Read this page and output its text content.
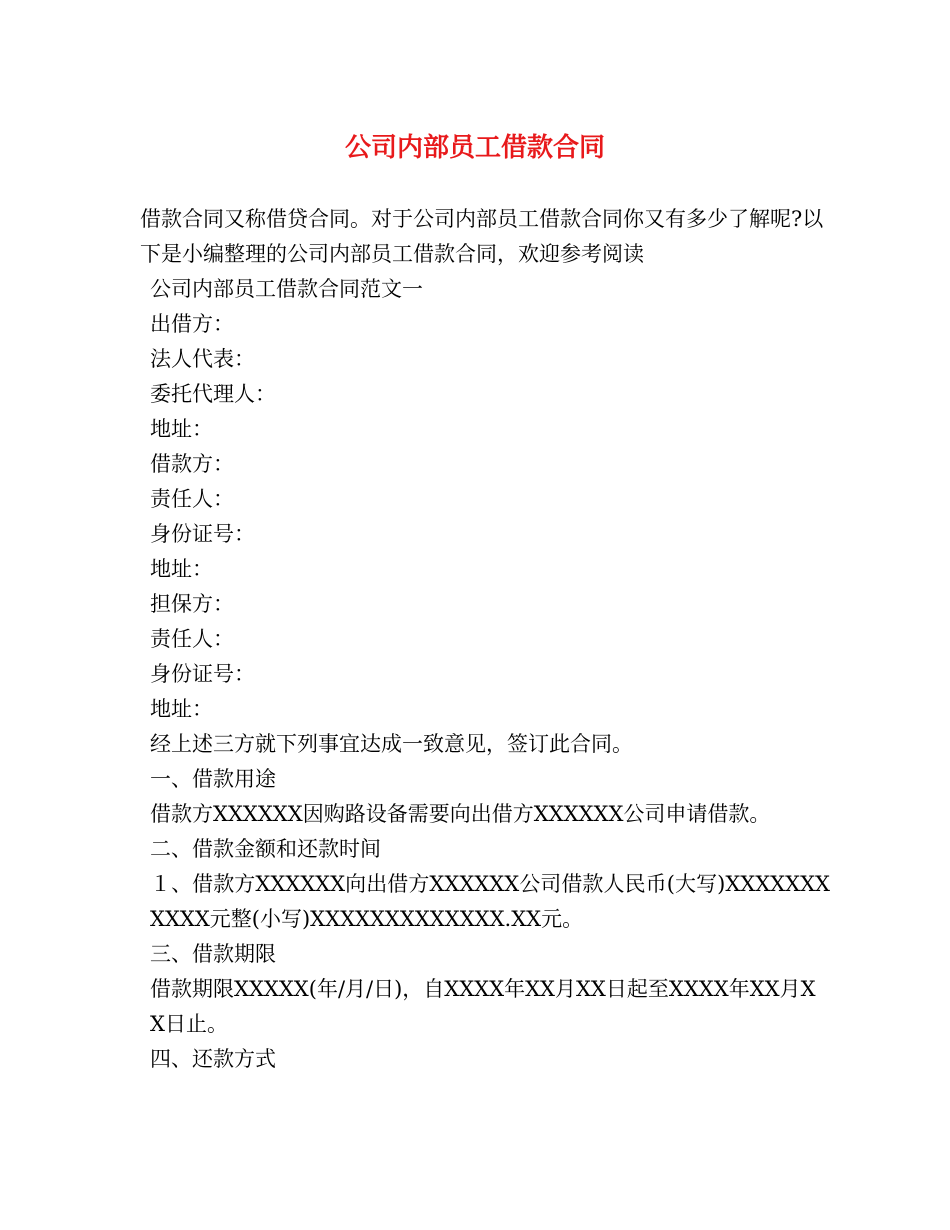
公司内部员工借款合同

借款合同又称借贷合同。对于公司内部员工借款合同你又有多少了解呢?以下是小编整理的公司内部员工借款合同，欢迎参考阅读

公司内部员工借款合同范文一

出借方：

法人代表：

委托代理人：

地址：

借款方：

责任人：

身份证号：

地址：

担保方：

责任人：

身份证号：

地址：

经上述三方就下列事宜达成一致意见，签订此合同。

一、借款用途

借款方XXXXXX因购路设备需要向出借方XXXXXX公司申请借款。

二、借款金额和还款时间

１、借款方XXXXXX向出借方XXXXXX公司借款人民币(大写)XXXXXXXXXXX元整(小写)XXXXXXXXXXXXX.XX元。

三、借款期限

借款期限XXXXX(年/月/日)，自XXXX年XX月XX日起至XXXX年XX月XX日止。

四、还款方式
